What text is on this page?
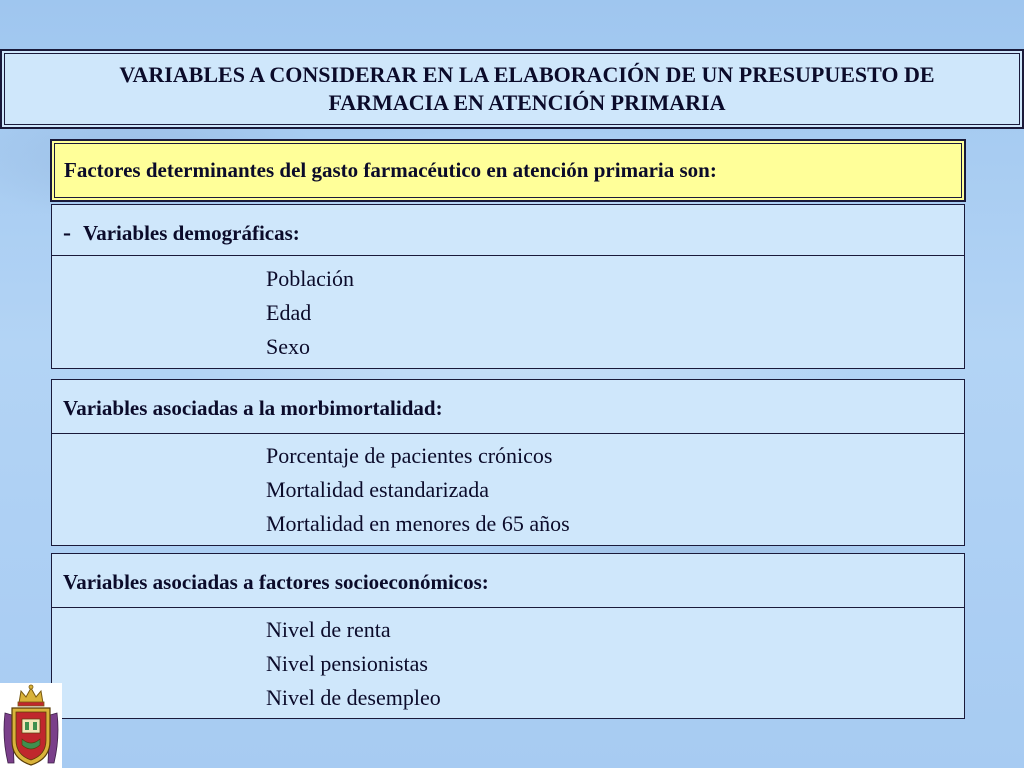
VARIABLES A CONSIDERAR EN LA ELABORACIÓN DE UN PRESUPUESTO DE
FARMACIA EN ATENCIÓN PRIMARIA
Factores determinantes del gasto farmacéutico en atención primaria son:
- Variables demográficas:
Población
Edad
Sexo
Variables asociadas a la morbimortalidad:
Porcentaje de pacientes crónicos
Mortalidad estandarizada
Mortalidad en menores de 65 años
Variables asociadas a factores socioeconómicos:
Nivel de renta
Nivel pensionistas
Nivel de desempleo
